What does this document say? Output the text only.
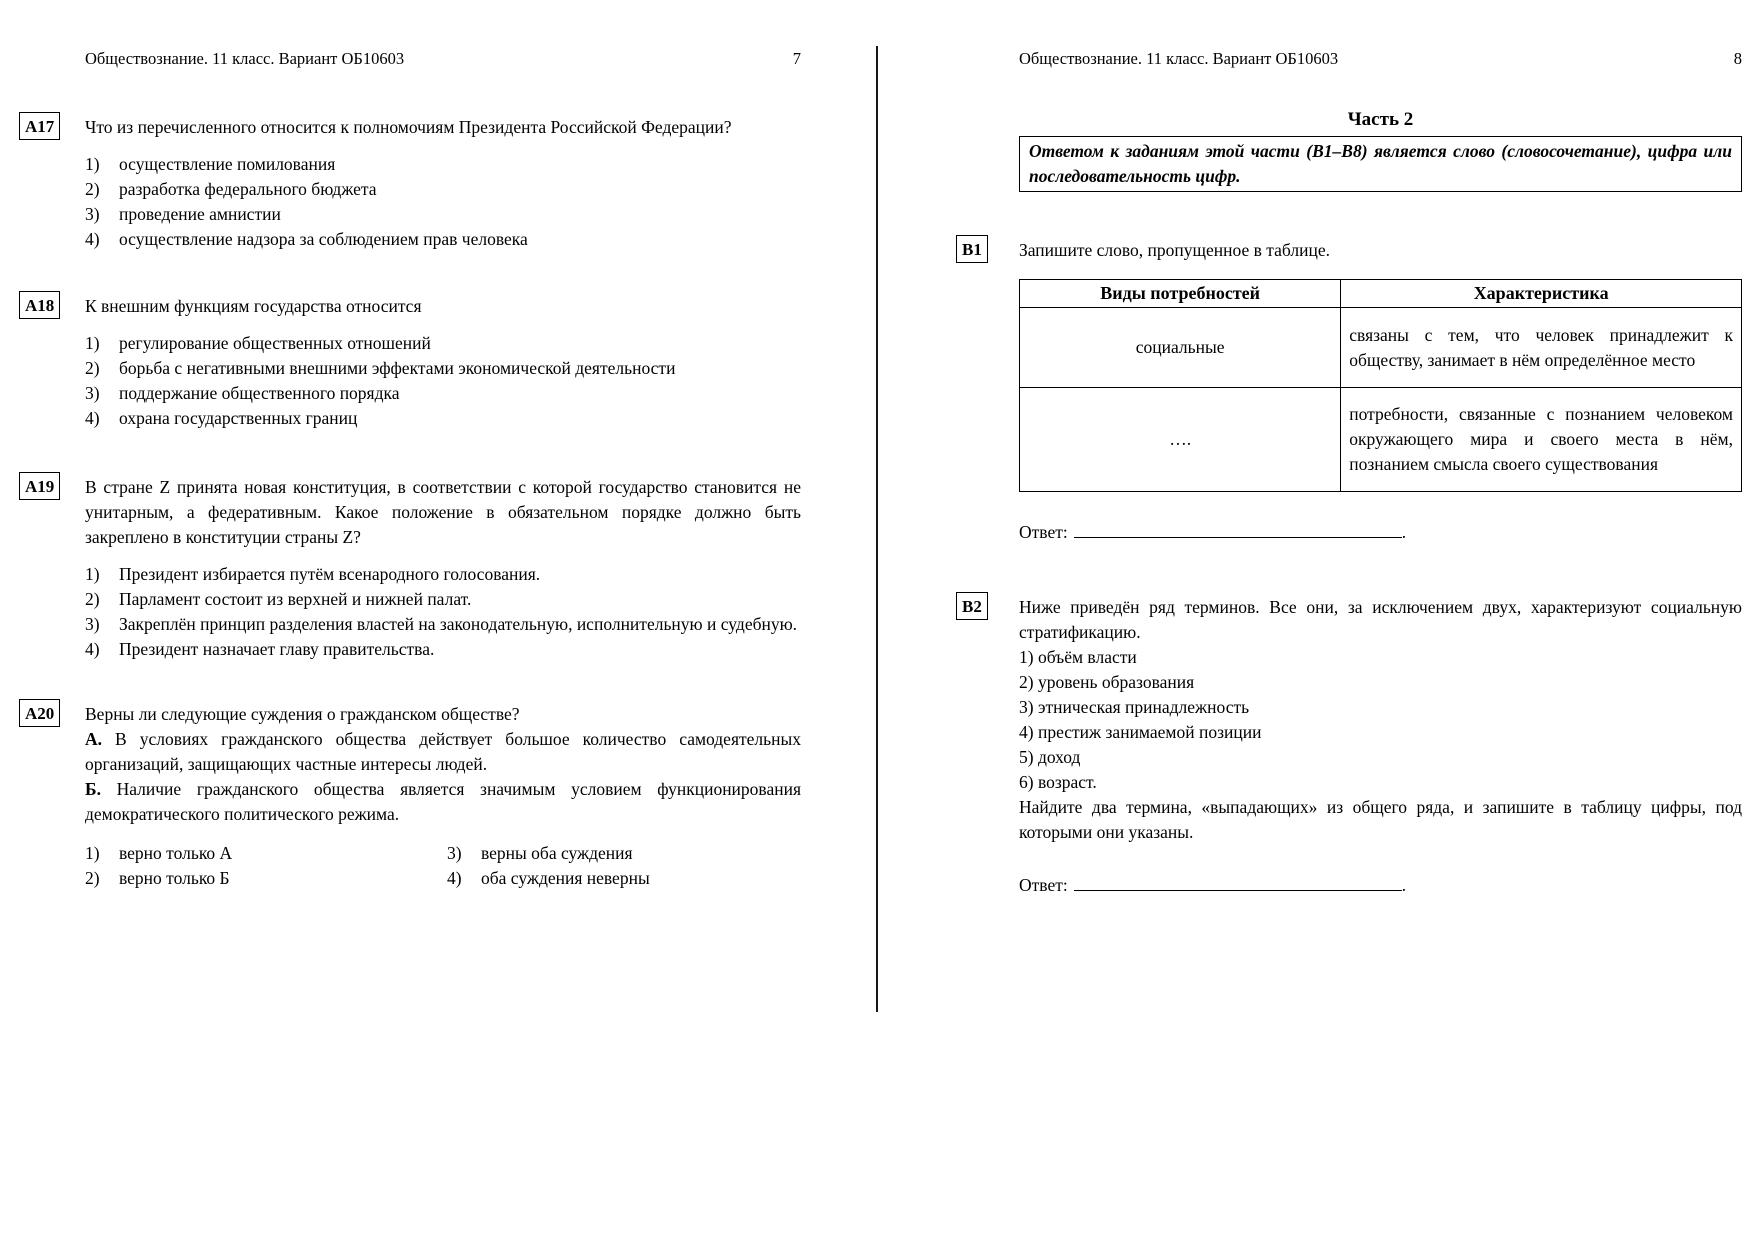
Обществознание. 11 класс. Вариант ОБ10603	7
А17	Что из перечисленного относится к полномочиям Президента Российской Федерации?

1)	осуществление помилования
2)	разработка федерального бюджета
3)	проведение амнистии
4)	осуществление надзора за соблюдением прав человека
А18	К внешним функциям государства относится

1)	регулирование общественных отношений
2)	борьба с негативными внешними эффектами экономической деятельности
3)	поддержание общественного порядка
4)	охрана государственных границ
А19	В стране Z принята новая конституция, в соответствии с которой государство становится не унитарным, а федеративным. Какое положение в обязательном порядке должно быть закреплено в конституции страны Z?

1)	Президент избирается путём всенародного голосования.
2)	Парламент состоит из верхней и нижней палат.
3)	Закреплён принцип разделения властей на законодательную, исполнительную и судебную.
4)	Президент назначает главу правительства.
А20	Верны ли следующие суждения о гражданском обществе?

А. В условиях гражданского общества действует большое количество самодеятельных организаций, защищающих частные интересы людей.

Б. Наличие гражданского общества является значимым условием функционирования демократического политического режима.

1)	верно только А	3)	верны оба суждения
2)	верно только Б	4)	оба суждения неверны
Обществознание. 11 класс. Вариант ОБ10603	8
Часть 2
Ответом к заданиям этой части (В1–В8) является слово (словосочетание), цифра или последовательность цифр.
В1	Запишите слово, пропущенное в таблице.

Виды потребностей	Характеристика
социальные	связаны с тем, что человек принадлежит к обществу, занимает в нём определённое место
….	потребности, связанные с познанием человеком окружающего мира и своего места в нём, познанием смысла своего существования

Ответ:	.

В2	Ниже приведён ряд терминов. Все они, за исключением двух, характеризуют социальную стратификацию.

1) объём власти

2) уровень образования

3) этническая принадлежность

4) престиж занимаемой позиции

5) доход

6) возраст.

Найдите два термина, «выпадающих» из общего ряда, и запишите в таблицу цифры, под которыми они указаны.

Ответ:	.
